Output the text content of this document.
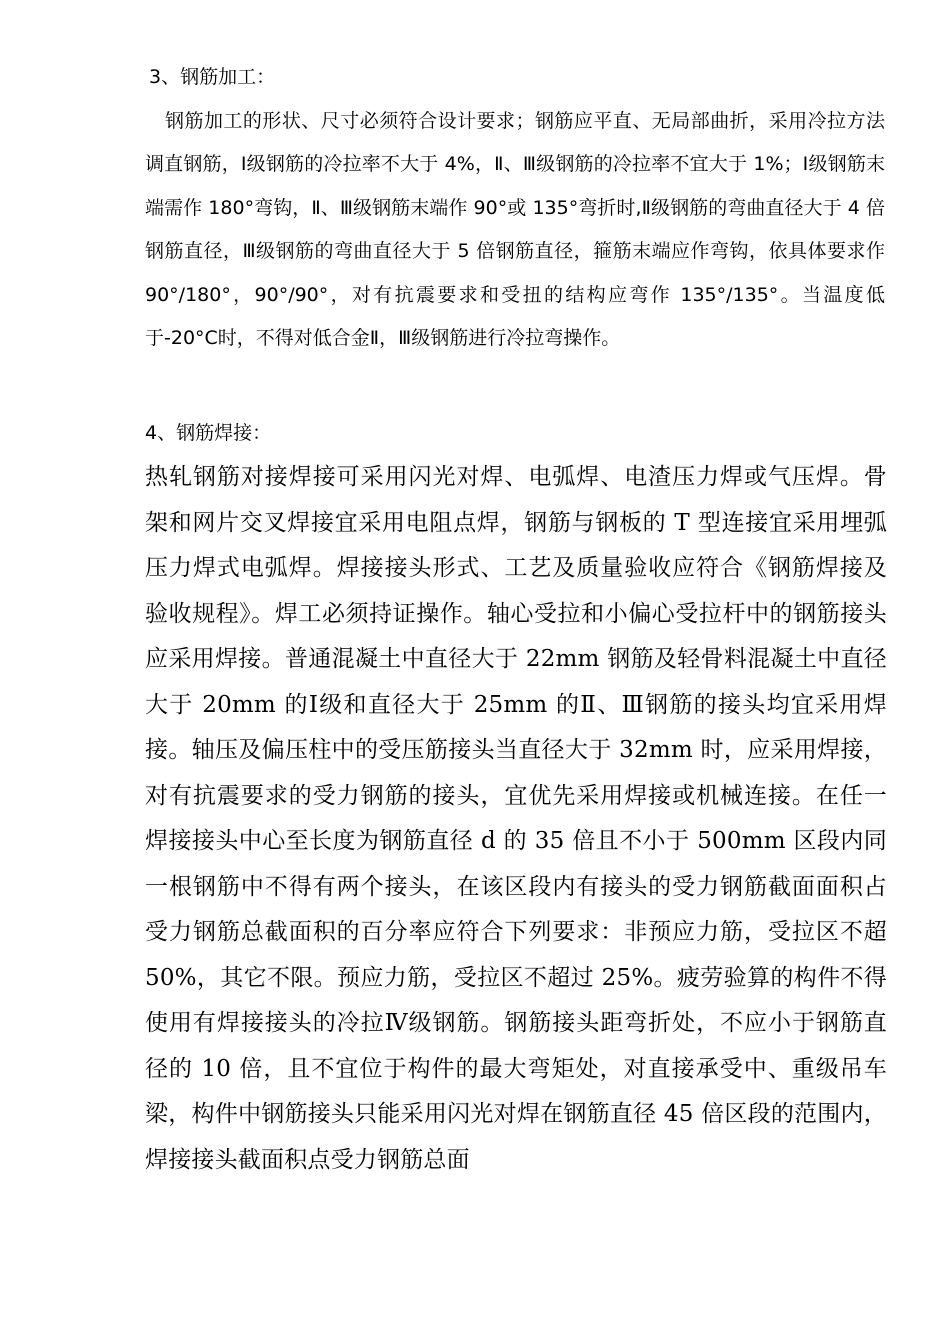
3、钢筋加工：

钢筋加工的形状、尺寸必须符合设计要求；钢筋应平直、无局部曲折，采用冷拉方法调直钢筋，Ⅰ级钢筋的冷拉率不大于 4%，Ⅱ、Ⅲ级钢筋的冷拉率不宜大于 1%；Ⅰ级钢筋末端需作 180°弯钩，Ⅱ、Ⅲ级钢筋末端作 90°或 135°弯折时,Ⅱ级钢筋的弯曲直径大于 4 倍钢筋直径，Ⅲ级钢筋的弯曲直径大于 5 倍钢筋直径，箍筋末端应作弯钩，依具体要求作 90°/180°，90°/90°，对有抗震要求和受扭的结构应弯作 135°/135°。当温度低于-20°C时，不得对低合金Ⅱ，Ⅲ级钢筋进行冷拉弯操作。

4、钢筋焊接：

热轧钢筋对接焊接可采用闪光对焊、电弧焊、电渣压力焊或气压焊。骨架和网片交叉焊接宜采用电阻点焊，钢筋与钢板的 T 型连接宜采用埋弧压力焊式电弧焊。焊接接头形式、工艺及质量验收应符合《钢筋焊接及验收规程》。焊工必须持证操作。轴心受拉和小偏心受拉杆中的钢筋接头应采用焊接。普通混凝土中直径大于 22mm 钢筋及轻骨料混凝土中直径大于 20mm 的Ⅰ级和直径大于 25mm 的Ⅱ、Ⅲ钢筋的接头均宜采用焊接。轴压及偏压柱中的受压筋接头当直径大于 32mm 时，应采用焊接，对有抗震要求的受力钢筋的接头，宜优先采用焊接或机械连接。在任一焊接接头中心至长度为钢筋直径 d 的 35 倍且不小于 500mm 区段内同一根钢筋中不得有两个接头，在该区段内有接头的受力钢筋截面面积占受力钢筋总截面积的百分率应符合下列要求：非预应力筋，受拉区不超 50%，其它不限。预应力筋，受拉区不超过 25%。疲劳验算的构件不得使用有焊接接头的冷拉Ⅳ级钢筋。钢筋接头距弯折处，不应小于钢筋直径的 10 倍，且不宜位于构件的最大弯矩处，对直接承受中、重级吊车梁，构件中钢筋接头只能采用闪光对焊在钢筋直径 45 倍区段的范围内，焊接接头截面积点受力钢筋总面
